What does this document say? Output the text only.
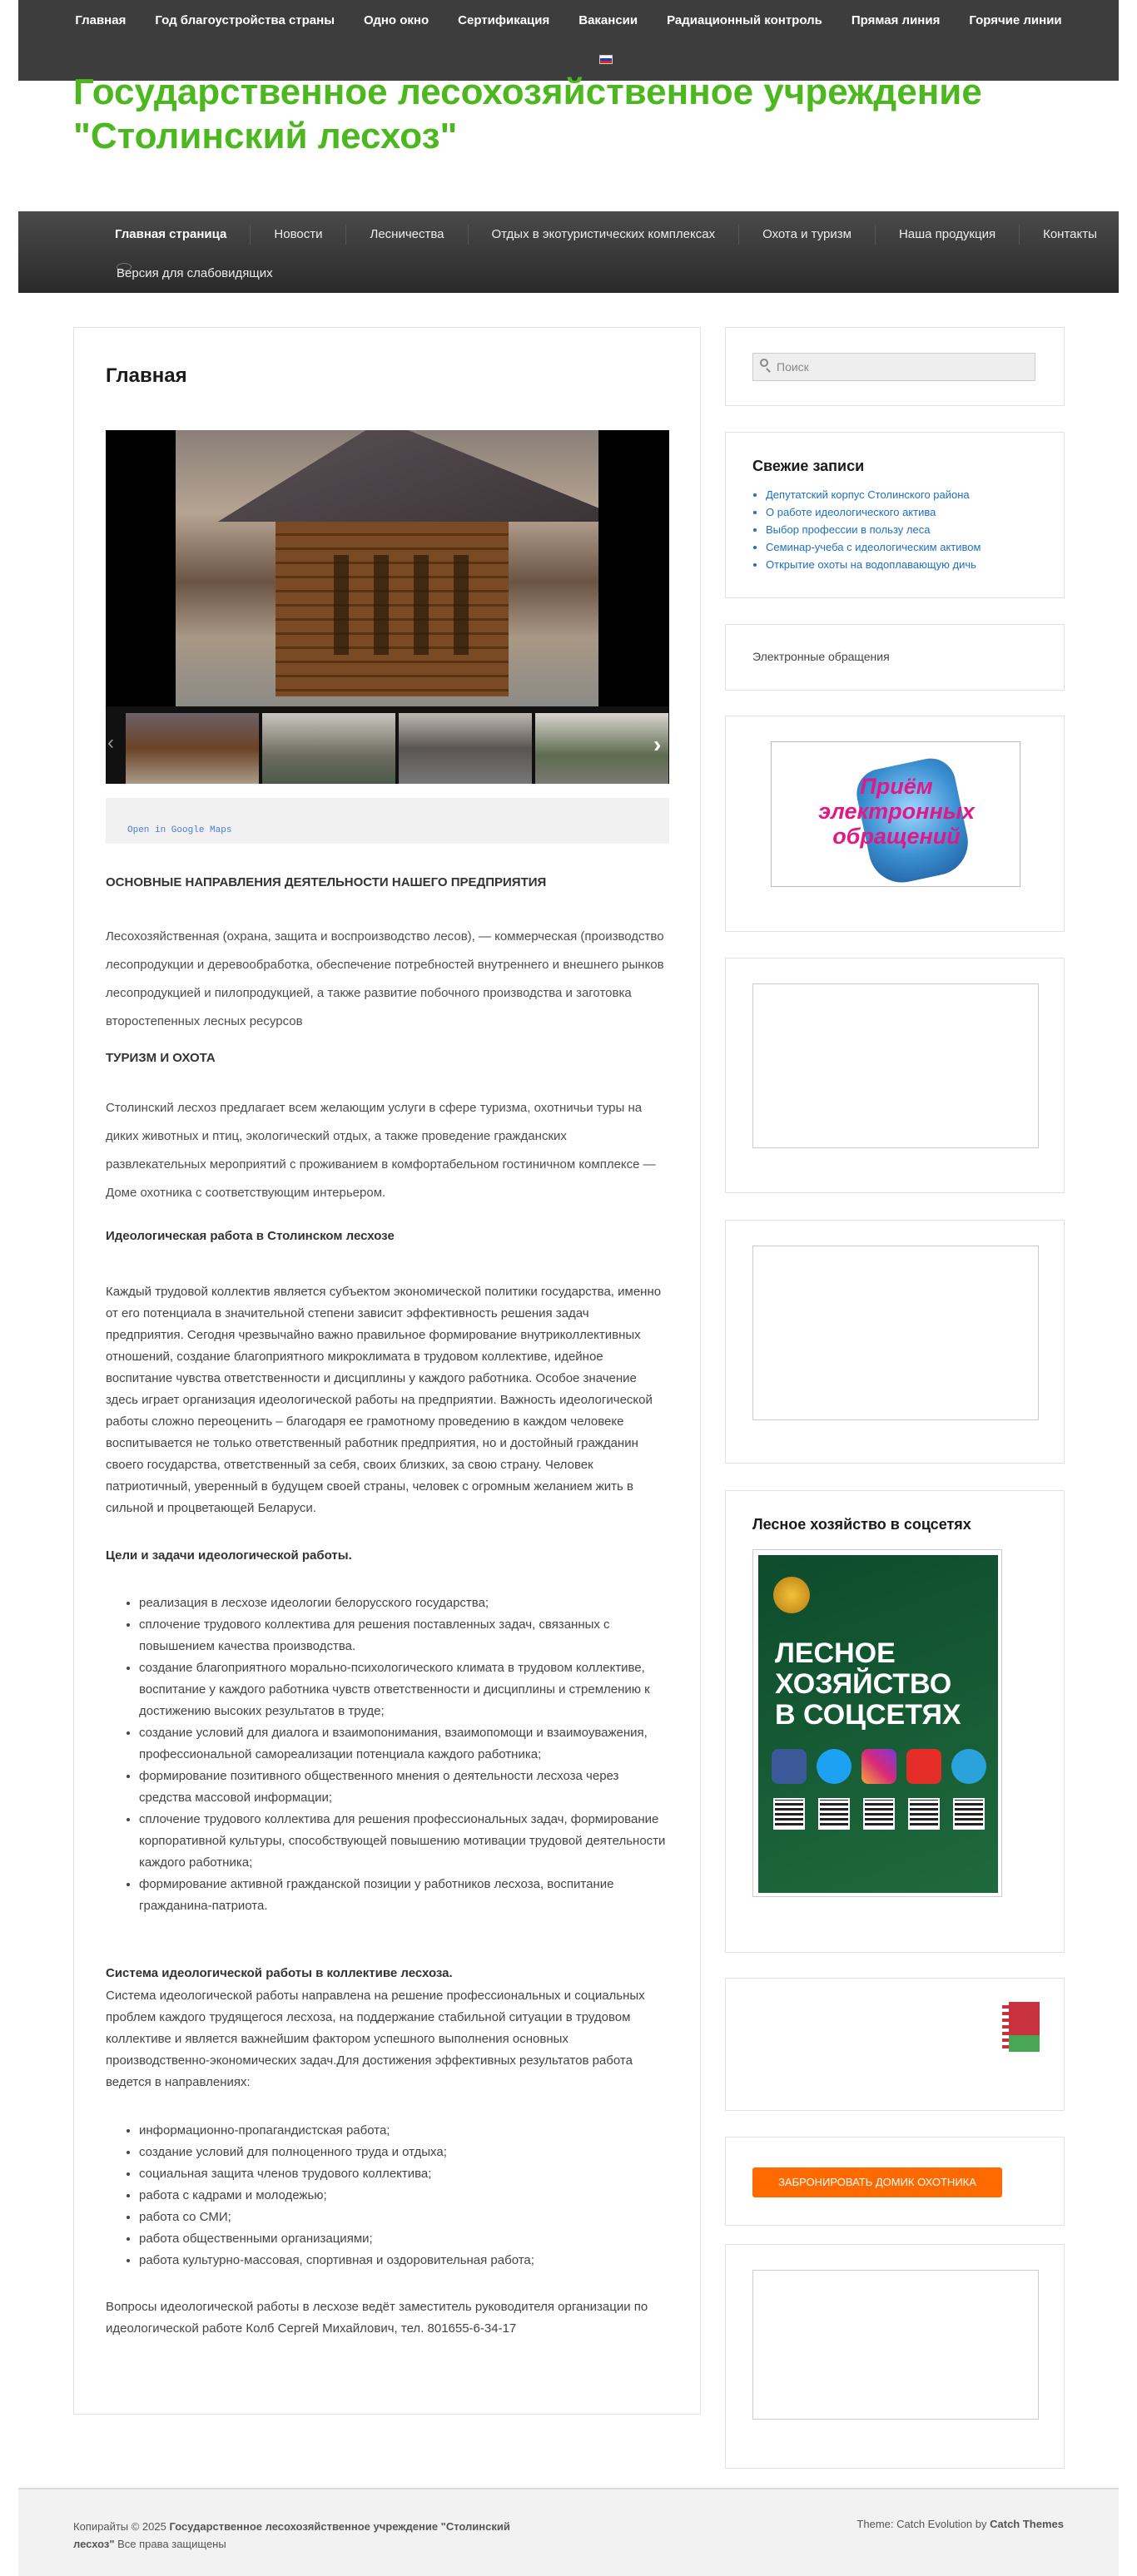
Главная Год благоустройства страны Одно окно Сертификация Вакансии Радиационный контроль Прямая линия Горячие линии
Государственное лесохозяйственное учреждение "Столинский лесхоз"
Главная страница	Новости	Лесничества	Отдых в экотуристических комплексах	Охота и туризм	Наша продукция	Контакты
Версия для слабовидящих
Главная
‹	›
Open in Google Maps
ОСНОВНЫЕ НАПРАВЛЕНИЯ ДЕЯТЕЛЬНОСТИ НАШЕГО ПРЕДПРИЯТИЯ
Лесохозяйственная (охрана, защита и воспроизводство лесов), — коммерческая (производство лесопродукции и деревообработка, обеспечение потребностей внутреннего и внешнего рынков лесопродукцией и пилопродукцией, а также развитие побочного производства и заготовка второстепенных лесных ресурсов
ТУРИЗМ И ОХОТА
Столинский лесхоз предлагает всем желающим услуги в сфере туризма, охотничьи туры на диких животных и птиц, экологический отдых, а также проведение гражданских развлекательных мероприятий с проживанием в комфортабельном гостиничном комплексе — Доме охотника с соответствующим интерьером.
Идеологическая работа в Столинском лесхозе
Каждый трудовой коллектив является субъектом экономической политики государства, именно от его потенциала в значительной степени зависит эффективность решения задач предприятия. Сегодня чрезвычайно важно правильное формирование внутриколлективных отношений, создание благоприятного микроклимата в трудовом коллективе, идейное воспитание чувства ответственности и дисциплины у каждого работника. Особое значение здесь играет организация идеологической работы на предприятии. Важность идеологической работы сложно переоценить – благодаря ее грамотному проведению в каждом человеке воспитывается не только ответственный работник предприятия, но и достойный гражданин своего государства, ответственный за себя, своих близких, за свою страну. Человек патриотичный, уверенный в будущем своей страны, человек с огромным желанием жить в сильной и процветающей Беларуси.
Цели и задачи идеологической работы.
• реализация в лесхозе идеологии белорусского государства;
• сплочение трудового коллектива для решения поставленных задач, связанных с повышением качества производства.
• создание благоприятного морально-психологического климата в трудовом коллективе, воспитание у каждого работника чувств ответственности и дисциплины и стремлению к достижению высоких результатов в труде;
• создание условий для диалога и взаимопонимания, взаимопомощи и взаимоуважения, профессиональной самореализации потенциала каждого работника;
• формирование позитивного общественного мнения о деятельности лесхоза через средства массовой информации;
• сплочение трудового коллектива для решения профессиональных задач, формирование корпоративной культуры, способствующей повышению мотивации трудовой деятельности каждого работника;
• формирование активной гражданской позиции у работников лесхоза, воспитание гражданина-патриота.
Система идеологической работы в коллективе лесхоза.
Система идеологической работы направлена на решение профессиональных и социальных проблем каждого трудящегося лесхоза, на поддержание стабильной ситуации в трудовом коллективе и является важнейшим фактором успешного выполнения основных производственно-экономических задач.Для достижения эффективных результатов работа ведется в направлениях:
• информационно-пропагандистская работа;
• создание условий для полноценного труда и отдыха;
• социальная защита членов трудового коллектива;
• работа с кадрами и молодежью;
• работа со СМИ;
• работа общественными организациями;
• работа культурно-массовая, спортивная и оздоровительная работа;
Вопросы идеологической работы в лесхозе ведёт заместитель руководителя организации по идеологической работе Колб Сергей Михайлович, тел. 801655-6-34-17
Поиск
Свежие записи
• Депутатский корпус Столинского района
• О работе идеологического актива
• Выбор профессии в пользу леса
• Семинар-учеба с идеологическим активом
• Открытие охоты на водоплавающую дичь
Электронные обращения
Приём
электронных
обращений
Лесное хозяйство в соцсетях
ЛЕСНОЕ
ХОЗЯЙСТВО
В СОЦСЕТЯХ
ЗАБРОНИРОВАТЬ ДОМИК ОХОТНИКА
Копирайты © 2025 Государственное лесохозяйственное учреждение "Столинский лесхоз" Все права защищены
Theme: Catch Evolution by Catch Themes
